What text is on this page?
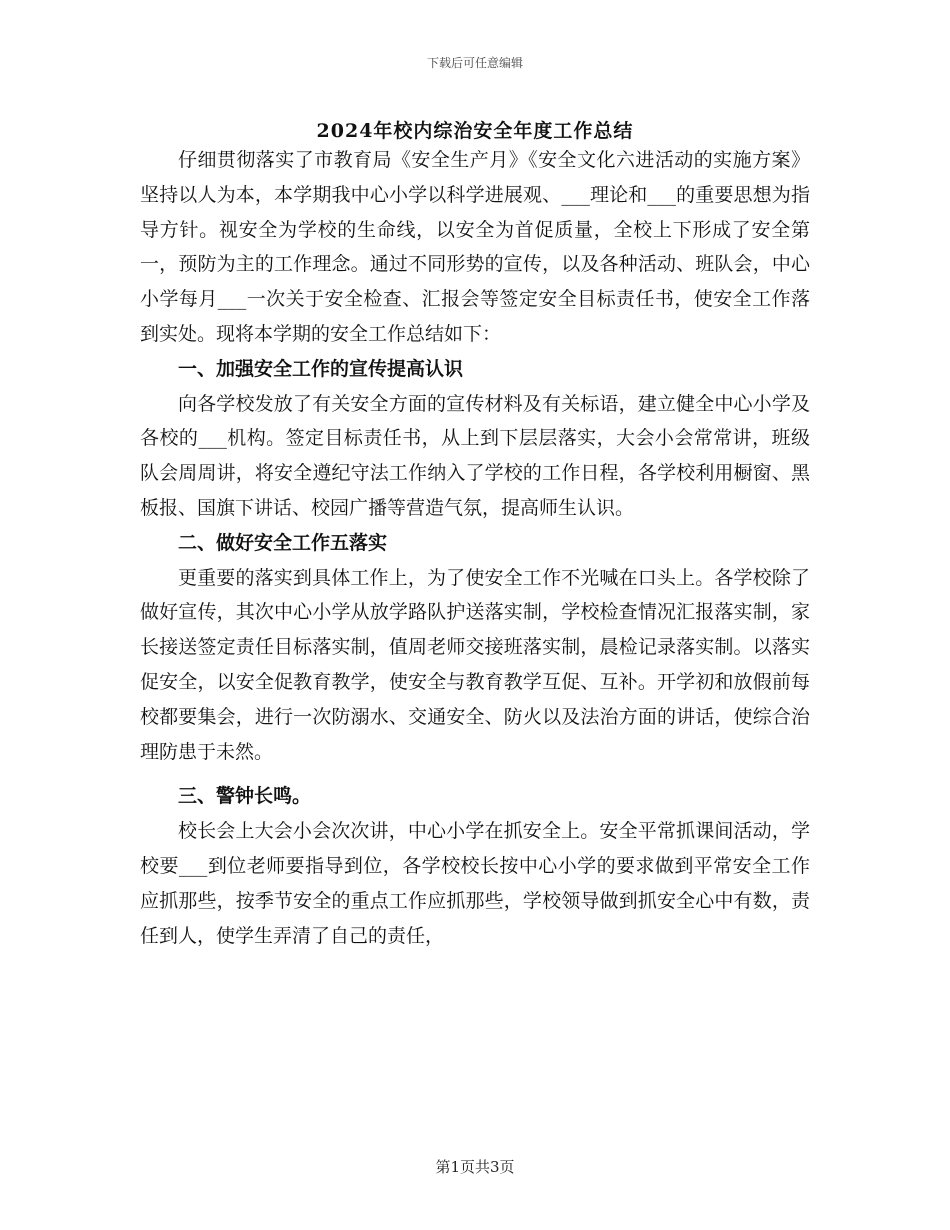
下载后可任意编辑
2024年校内综治安全年度工作总结

仔细贯彻落实了市教育局《安全生产月》《安全文化六进活动的实施方案》坚持以人为本，本学期我中心小学以科学进展观、___理论和___的重要思想为指导方针。视安全为学校的生命线，以安全为首促质量，全校上下形成了安全第一，预防为主的工作理念。通过不同形势的宣传，以及各种活动、班队会，中心小学每月___一次关于安全检查、汇报会等签定安全目标责任书，使安全工作落到实处。现将本学期的安全工作总结如下：

一、加强安全工作的宣传提高认识

向各学校发放了有关安全方面的宣传材料及有关标语，建立健全中心小学及各校的___机构。签定目标责任书，从上到下层层落实，大会小会常常讲，班级队会周周讲，将安全遵纪守法工作纳入了学校的工作日程，各学校利用橱窗、黑板报、国旗下讲话、校园广播等营造气氛，提高师生认识。

二、做好安全工作五落实

更重要的落实到具体工作上，为了使安全工作不光喊在口头上。各学校除了做好宣传，其次中心小学从放学路队护送落实制，学校检查情况汇报落实制，家长接送签定责任目标落实制，值周老师交接班落实制，晨检记录落实制。以落实促安全，以安全促教育教学，使安全与教育教学互促、互补。开学初和放假前每校都要集会，进行一次防溺水、交通安全、防火以及法治方面的讲话，使综合治理防患于未然。

三、警钟长鸣。

校长会上大会小会次次讲，中心小学在抓安全上。安全平常抓课间活动，学校要___到位老师要指导到位，各学校校长按中心小学的要求做到平常安全工作应抓那些，按季节安全的重点工作应抓那些，学校领导做到抓安全心中有数，责任到人，使学生弄清了自己的责任，

第1页共3页
